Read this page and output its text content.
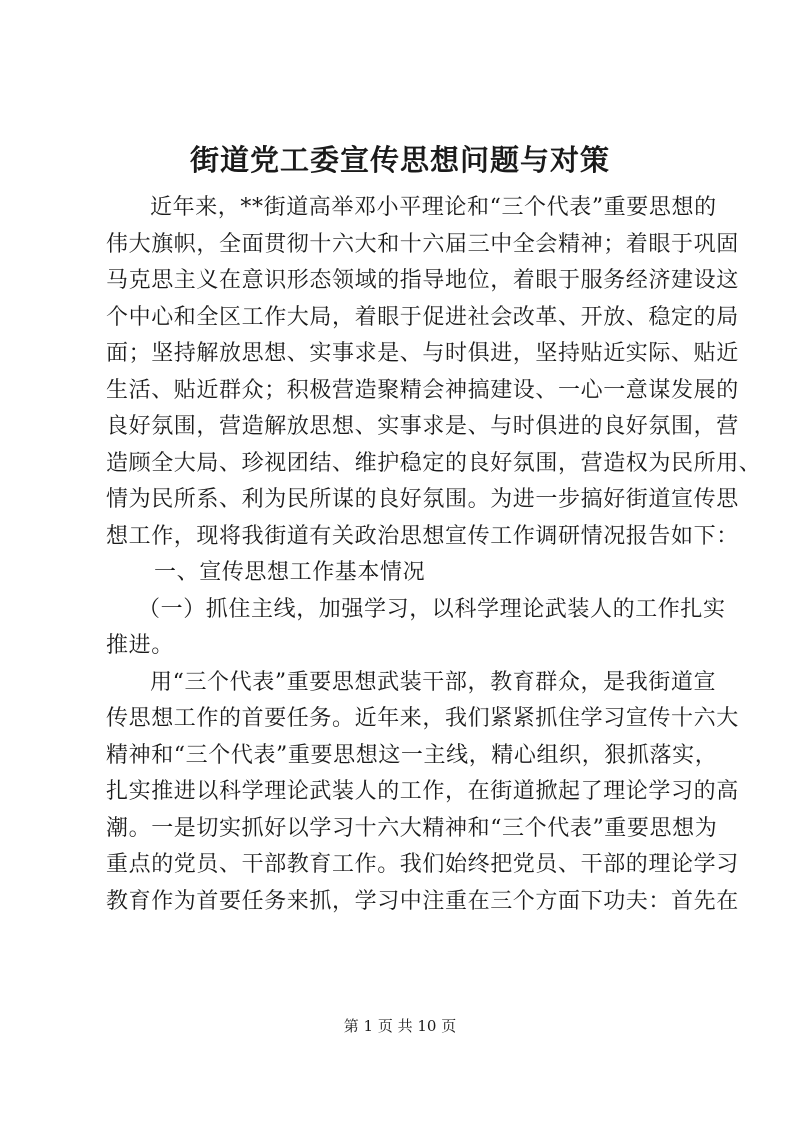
街道党工委宣传思想问题与对策
近年来，**街道高举邓小平理论和“三个代表”重要思想的
伟大旗帜，全面贯彻十六大和十六届三中全会精神；着眼于巩固
马克思主义在意识形态领域的指导地位，着眼于服务经济建设这
个中心和全区工作大局，着眼于促进社会改革、开放、稳定的局
面；坚持解放思想、实事求是、与时俱进，坚持贴近实际、贴近
生活、贴近群众；积极营造聚精会神搞建设、一心一意谋发展的
良好氛围，营造解放思想、实事求是、与时俱进的良好氛围，营
造顾全大局、珍视团结、维护稳定的良好氛围，营造权为民所用、
情为民所系、利为民所谋的良好氛围。为进一步搞好街道宣传思
想工作，现将我街道有关政治思想宣传工作调研情况报告如下：
一、宣传思想工作基本情况
（一）抓住主线，加强学习，以科学理论武装人的工作扎实
推进。
用“三个代表”重要思想武装干部，教育群众，是我街道宣
传思想工作的首要任务。近年来，我们紧紧抓住学习宣传十六大
精神和“三个代表”重要思想这一主线，精心组织，狠抓落实，
扎实推进以科学理论武装人的工作，在街道掀起了理论学习的高
潮。一是切实抓好以学习十六大精神和“三个代表”重要思想为
重点的党员、干部教育工作。我们始终把党员、干部的理论学习
教育作为首要任务来抓，学习中注重在三个方面下功夫：首先在
第 1 页 共 10 页
